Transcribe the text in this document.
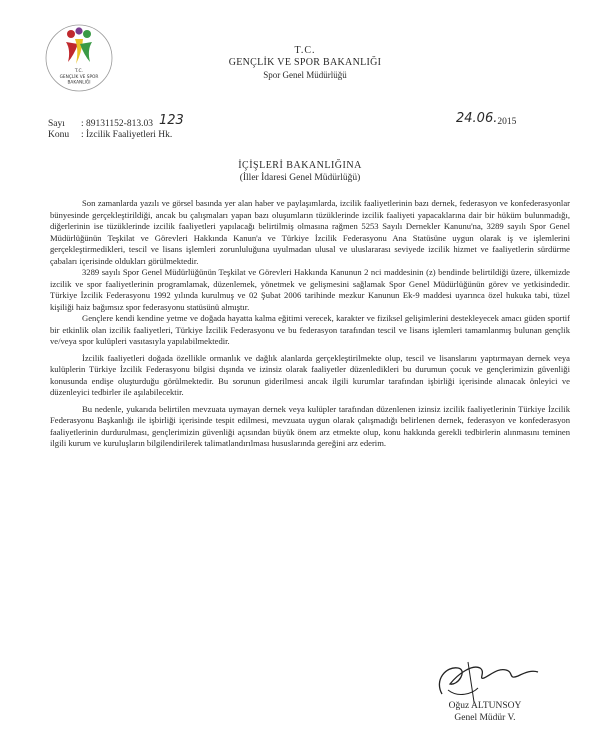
T.C.
GENÇLİK VE SPOR
BAKANLIĞI
T.C.
GENÇLİK VE SPOR BAKANLIĞI
Spor Genel Müdürlüğü
Sayı : 89131152-813.03 123
Konu : İzcilik Faaliyetleri Hk.
24.06.2015
İÇİŞLERİ BAKANLIĞINA
(İller İdaresi Genel Müdürlüğü)

Son zamanlarda yazılı ve görsel basında yer alan haber ve paylaşımlarda, izcilik faaliyetlerinin bazı dernek, federasyon ve konfederasyonlar bünyesinde gerçekleştirildiği, ancak bu çalışmaları yapan bazı oluşumların tüzüklerinde izcilik faaliyeti yapacaklarına dair bir hüküm bulunmadığı, diğerlerinin ise tüzüklerinde izcilik faaliyetleri yapılacağı belirtilmiş olmasına rağmen 5253 Sayılı Dernekler Kanunu'na, 3289 sayılı Spor Genel Müdürlüğünün Teşkilat ve Görevleri Hakkında Kanun'a ve Türkiye İzcilik Federasyonu Ana Statüsüne uygun olarak iş ve işlemlerini gerçekleştirmedikleri, tescil ve lisans işlemleri zorunluluğuna uyulmadan ulusal ve uluslararası seviyede izcilik hizmet ve faaliyetlerin sürdürme çabaları içerisinde oldukları görülmektedir.

3289 sayılı Spor Genel Müdürlüğünün Teşkilat ve Görevleri Hakkında Kanunun 2 nci maddesinin (z) bendinde belirtildiği üzere, ülkemizde izcilik ve spor faaliyetlerinin programlamak, düzenlemek, yönetmek ve gelişmesini sağlamak Spor Genel Müdürlüğünün görev ve yetkisindedir. Türkiye İzcilik Federasyonu 1992 yılında kurulmuş ve 02 Şubat 2006 tarihinde mezkur Kanunun Ek-9 maddesi uyarınca özel hukuka tabi, tüzel kişiliği haiz bağımsız spor federasyonu statüsünü almıştır.

Gençlere kendi kendine yetme ve doğada hayatta kalma eğitimi verecek, karakter ve fiziksel gelişimlerini destekleyecek amacı güden sportif bir etkinlik olan izcilik faaliyetleri, Türkiye İzcilik Federasyonu ve bu federasyon tarafından tescil ve lisans işlemleri tamamlanmış bulunan gençlik ve/veya spor kulüpleri vasıtasıyla yapılabilmektedir.

İzcilik faaliyetleri doğada özellikle ormanlık ve dağlık alanlarda gerçekleştirilmekte olup, tescil ve lisanslarını yaptırmayan dernek veya kulüplerin Türkiye İzcilik Federasyonu bilgisi dışında ve izinsiz olarak faaliyetler düzenledikleri bu durumun çocuk ve gençlerimizin güvenliği konusunda endişe oluşturduğu görülmektedir. Bu sorunun giderilmesi ancak ilgili kurumlar tarafından işbirliği içerisinde alınacak önleyici ve düzenleyici tedbirler ile aşılabilecektir.

Bu nedenle, yukarıda belirtilen mevzuata uymayan dernek veya kulüpler tarafından düzenlenen izinsiz izcilik faaliyetlerinin Türkiye İzcilik Federasyonu Başkanlığı ile işbirliği içerisinde tespit edilmesi, mevzuata uygun olarak çalışmadığı belirlenen dernek, federasyon ve konfederasyon faaliyetlerinin durdurulması, gençlerimizin güvenliği açısından büyük önem arz etmekte olup, konu hakkında gerekli tedbirlerin alınmasını teminen ilgili kurum ve kuruluşların bilgilendirilerek talimatlandırılması hususlarında gereğini arz ederim.

Oğuz ALTUNSOY
Genel Müdür V.
